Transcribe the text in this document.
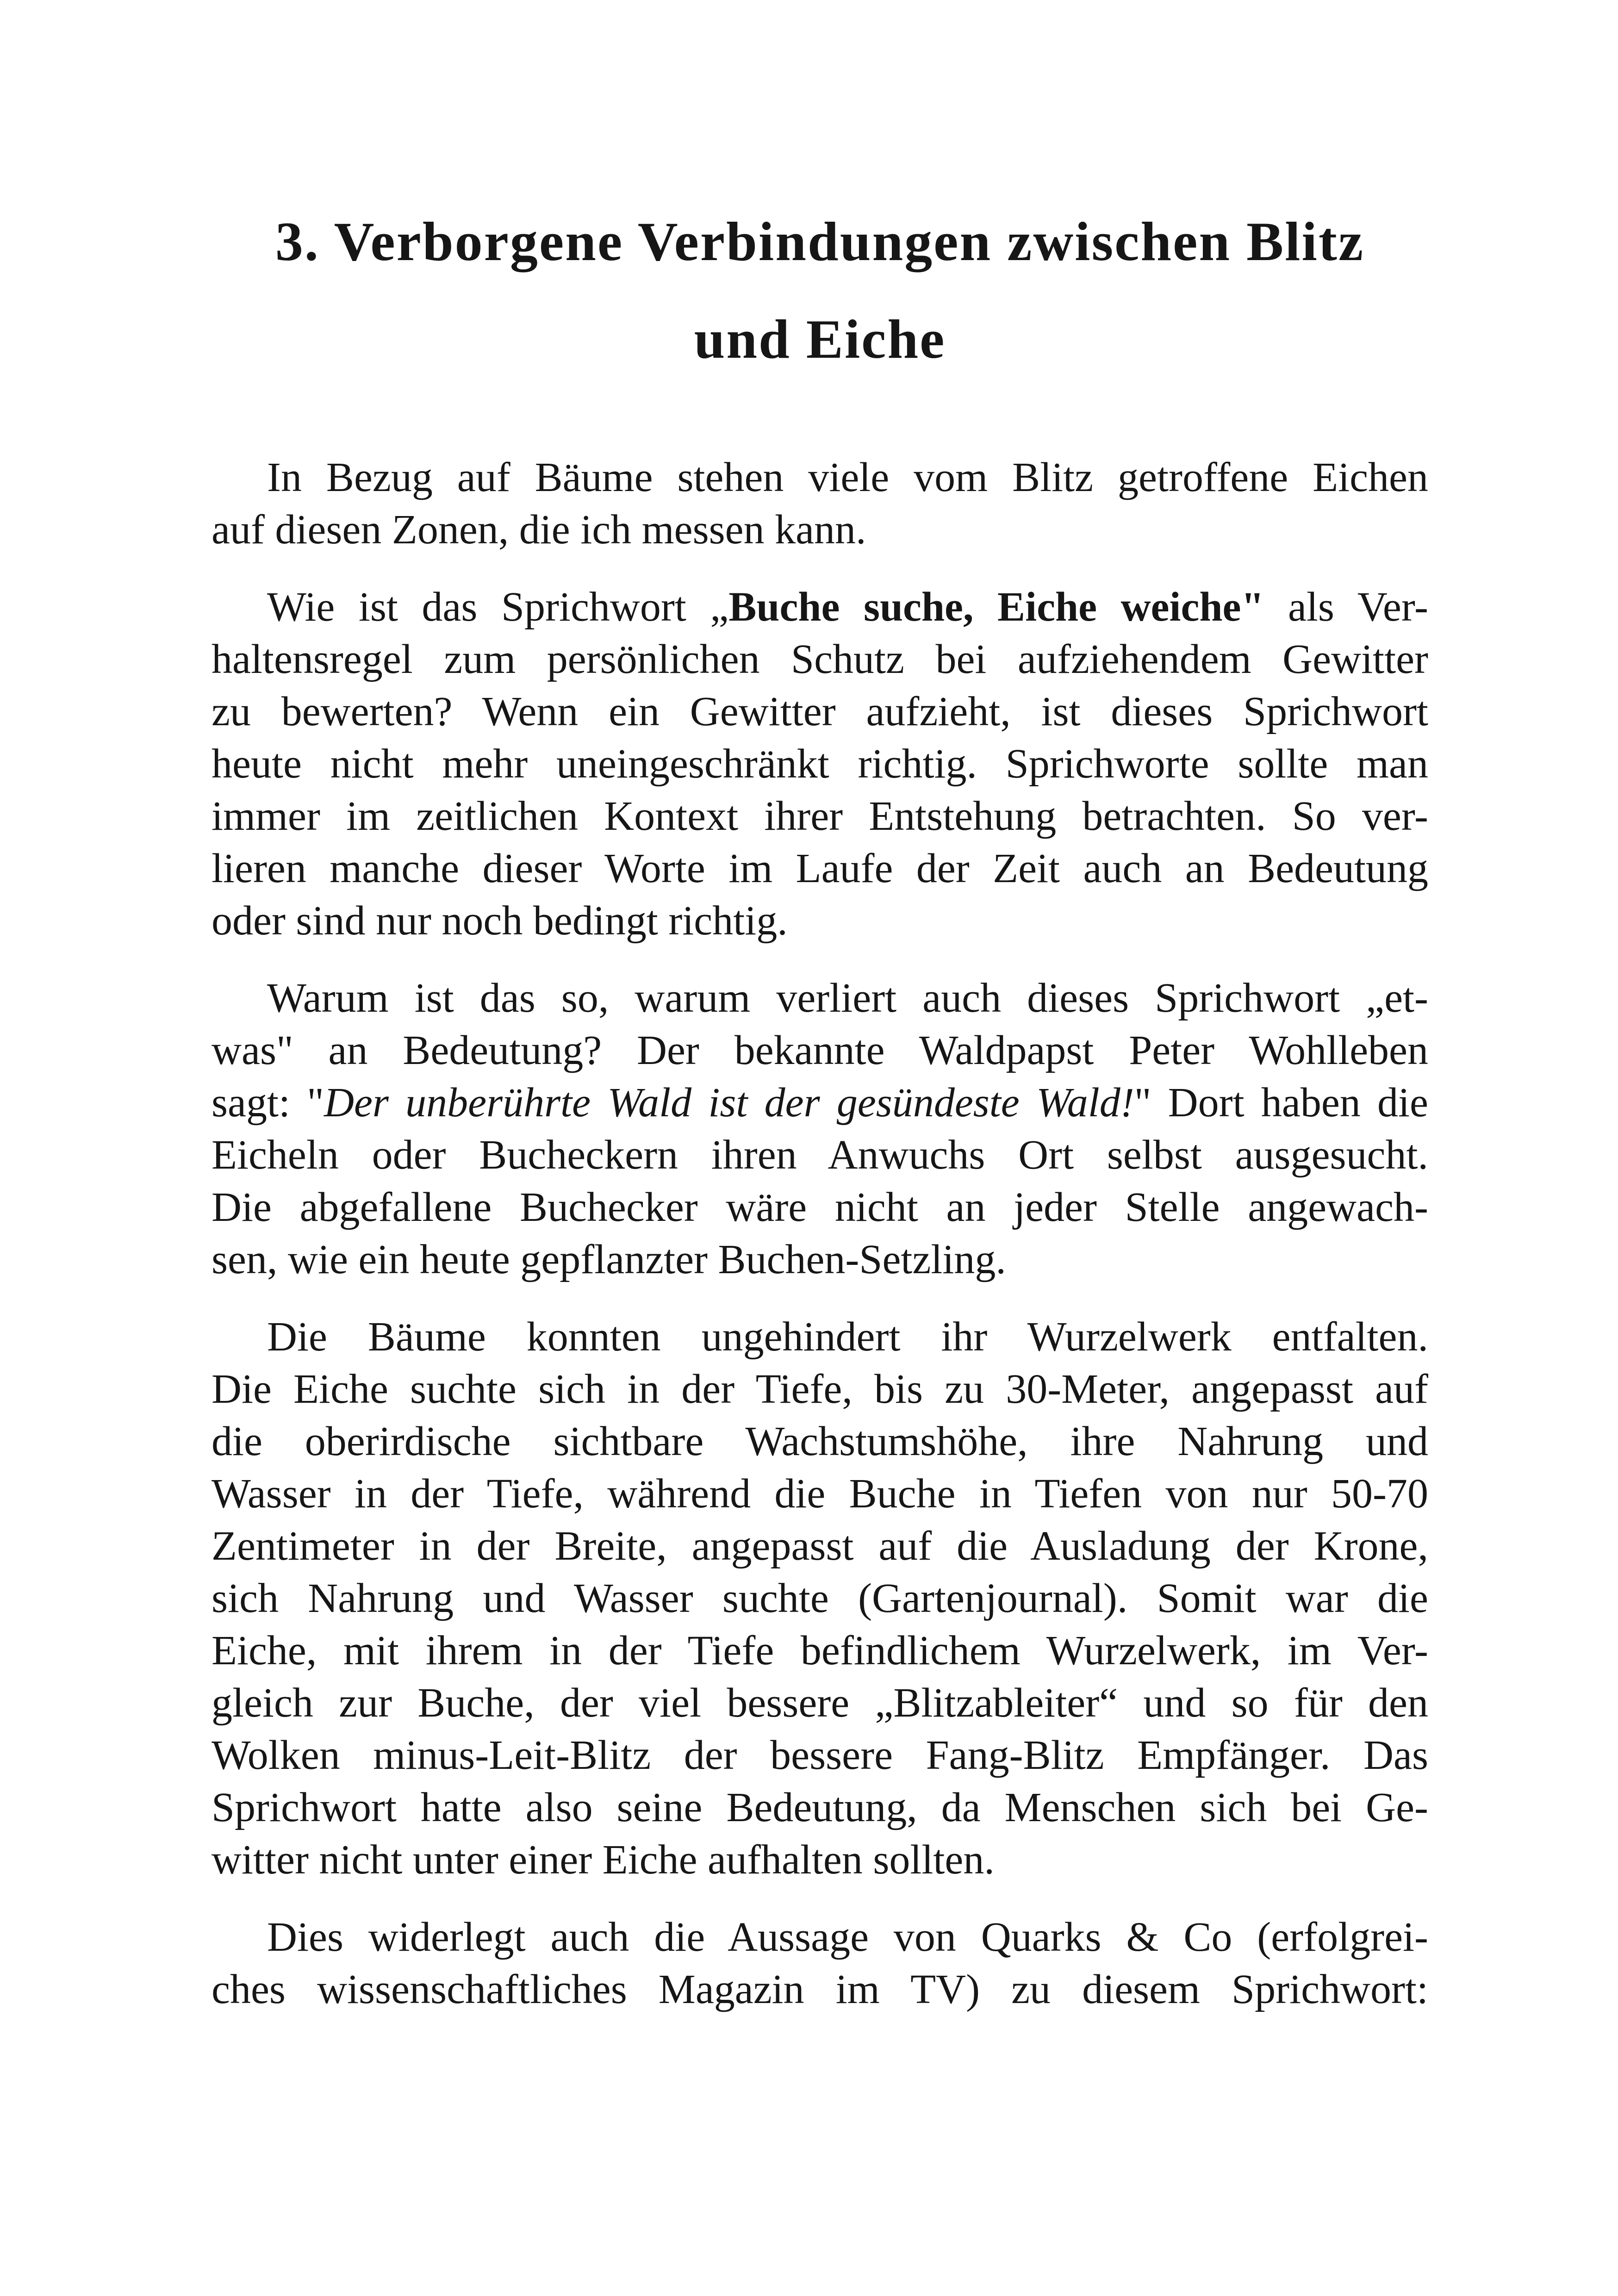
3. Verborgene Verbindungen zwischen Blitz
und Eiche
In Bezug auf Bäume stehen viele vom Blitz getroffene Eichen
auf diesen Zonen, die ich messen kann.
Wie ist das Sprichwort „Buche suche, Eiche weiche" als Ver-
haltensregel zum persönlichen Schutz bei aufziehendem Gewitter
zu bewerten? Wenn ein Gewitter aufzieht, ist dieses Sprichwort
heute nicht mehr uneingeschränkt richtig. Sprichworte sollte man
immer im zeitlichen Kontext ihrer Entstehung betrachten. So ver-
lieren manche dieser Worte im Laufe der Zeit auch an Bedeutung
oder sind nur noch bedingt richtig.
Warum ist das so, warum verliert auch dieses Sprichwort „et-
was" an Bedeutung? Der bekannte Waldpapst Peter Wohlleben
sagt: "Der unberührte Wald ist der gesündeste Wald!" Dort haben die
Eicheln oder Bucheckern ihren Anwuchs Ort selbst ausgesucht.
Die abgefallene Buchecker wäre nicht an jeder Stelle angewach-
sen, wie ein heute gepflanzter Buchen-Setzling.
Die Bäume konnten ungehindert ihr Wurzelwerk entfalten.
Die Eiche suchte sich in der Tiefe, bis zu 30-Meter, angepasst auf
die oberirdische sichtbare Wachstumshöhe, ihre Nahrung und
Wasser in der Tiefe, während die Buche in Tiefen von nur 50-70
Zentimeter in der Breite, angepasst auf die Ausladung der Krone,
sich Nahrung und Wasser suchte (Gartenjournal). Somit war die
Eiche, mit ihrem in der Tiefe befindlichem Wurzelwerk, im Ver-
gleich zur Buche, der viel bessere „Blitzableiter“ und so für den
Wolken minus-Leit-Blitz der bessere Fang-Blitz Empfänger. Das
Sprichwort hatte also seine Bedeutung, da Menschen sich bei Ge-
witter nicht unter einer Eiche aufhalten sollten.
Dies widerlegt auch die Aussage von Quarks & Co (erfolgrei-
ches wissenschaftliches Magazin im TV) zu diesem Sprichwort:
